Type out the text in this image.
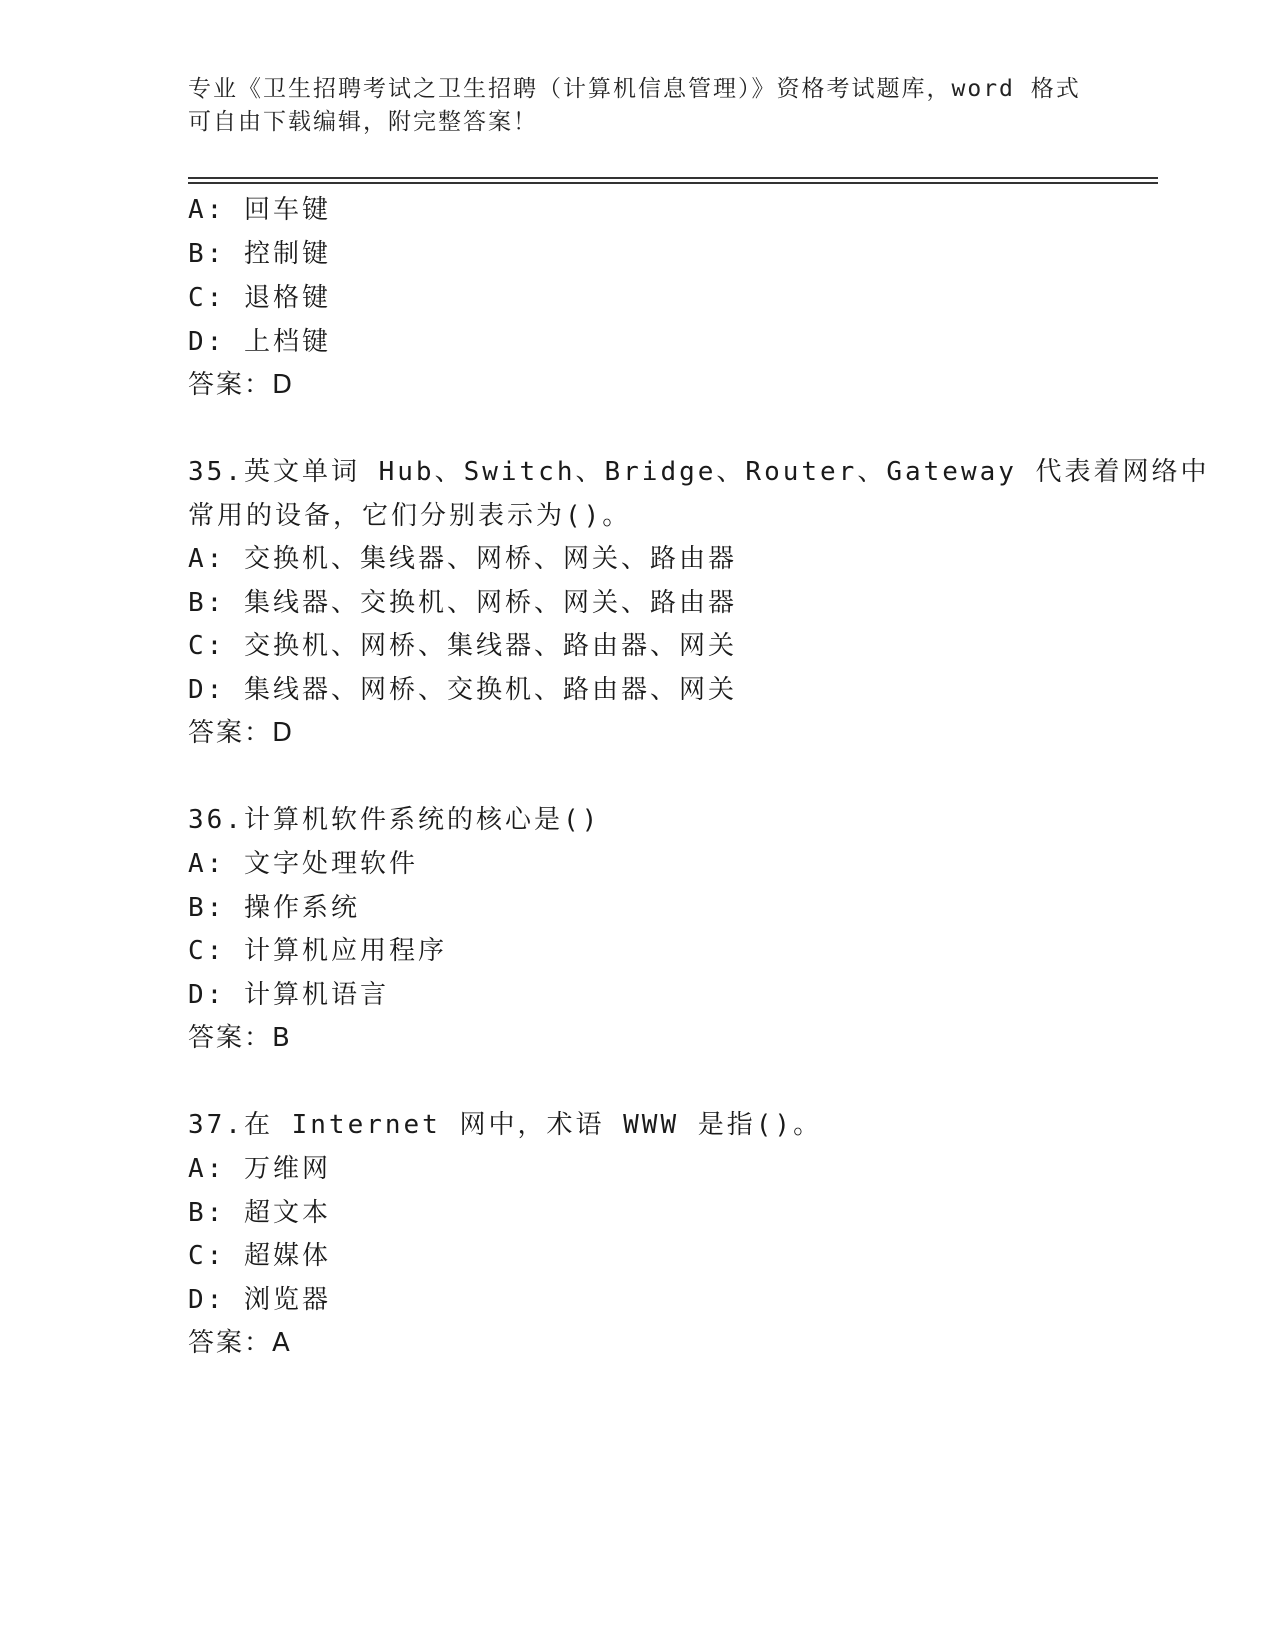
专业《卫生招聘考试之卫生招聘（计算机信息管理）》资格考试题库，word 格式
可自由下载编辑，附完整答案！
A: 回车键
B: 控制键
C: 退格键
D: 上档键
答案：D
35.英文单词 Hub、Switch、Bridge、Router、Gateway 代表着网络中
常用的设备，它们分别表示为()。
A: 交换机、集线器、网桥、网关、路由器
B: 集线器、交换机、网桥、网关、路由器
C: 交换机、网桥、集线器、路由器、网关
D: 集线器、网桥、交换机、路由器、网关
答案：D
36.计算机软件系统的核心是()
A: 文字处理软件
B: 操作系统
C: 计算机应用程序
D: 计算机语言
答案：B
37.在 Internet 网中，术语 WWW 是指()。
A: 万维网
B: 超文本
C: 超媒体
D: 浏览器
答案：A
